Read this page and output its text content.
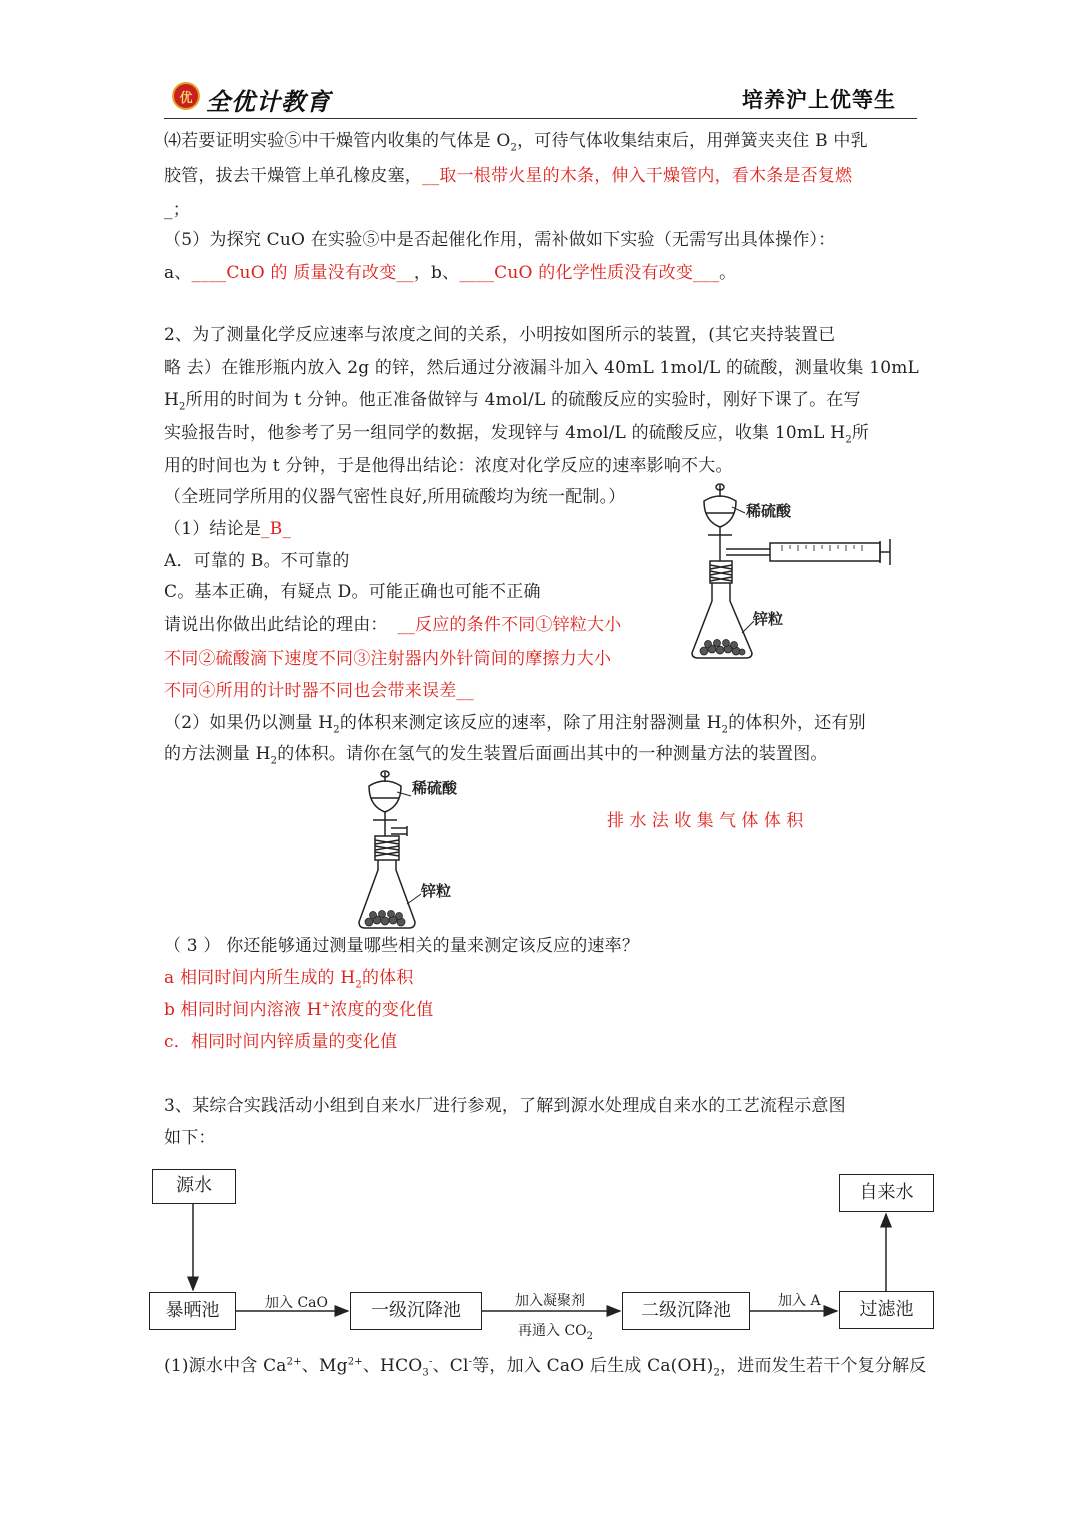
优 全优计教育	培养沪上优等生
⑷若要证明实验⑤中干燥管内收集的气体是 $O_2$，可待气体收集结束后，用弹簧夹夹住 B 中乳
胶管，拔去干燥管上单孔橡皮塞，__取一根带火星的木条，伸入干燥管内，看木条是否复燃
_；
（5）为探究 CuO 在实验⑤中是否起催化作用，需补做如下实验（无需写出具体操作）：
a、____CuO 的 质量没有改变__，b、____CuO 的化学性质没有改变___。
2、为了测量化学反应速率与浓度之间的关系，小明按如图所示的装置，(其它夹持装置已
略 去）在锥形瓶内放入 2g 的锌，然后通过分液漏斗加入 40mL 1mol/L 的硫酸，测量收集 10mL
$H_2$所用的时间为 t 分钟。他正准备做锌与 4mol/L 的硫酸反应的实验时，刚好下课了。在写
实验报告时，他参考了另一组同学的数据，发现锌与 4mol/L 的硫酸反应，收集 10mL $H_2$所
用的时间也为 t 分钟，于是他得出结论：浓度对化学反应的速率影响不大。
（全班同学所用的仪器气密性良好,所用硫酸均为统一配制。）
（1）结论是_B_
A．可靠的 B。不可靠的
C。基本正确，有疑点 D。可能正确也可能不正确
请说出你做出此结论的理由： __反应的条件不同①锌粒大小
不同②硫酸滴下速度不同③注射器内外针筒间的摩擦力大小
不同④所用的计时器不同也会带来误差__
稀硫酸
锌粒
（2）如果仍以测量 $H_2$的体积来测定该反应的速率，除了用注射器测量 $H_2$的体积外，还有别
的方法测量 $H_2$的体积。请你在氢气的发生装置后面画出其中的一种测量方法的装置图。
稀硫酸
锌粒
排 水 法 收 集 气 体 体 积
（ 3 ） 你还能够通过测量哪些相关的量来测定该反应的速率？
a 相同时间内所生成的 $H_2$的体积
b 相同时间内溶液 H+浓度的变化值
c．相同时间内锌质量的变化值
3、某综合实践活动小组到自来水厂进行参观，了解到源水处理成自来水的工艺流程示意图
如下：
源水
暴晒池	一级沉降池	二级沉降池	过滤池
自来水
加入 CaO	加入凝聚剂
再通入 $CO_2$
加入 A
(1)源水中含 $Ca^{2+}$、$Mg^{2+}$、$HCO_3^-$、Cl-等，加入 CaO 后生成 $Ca(OH)_2$，进而发生若干个复分解反
